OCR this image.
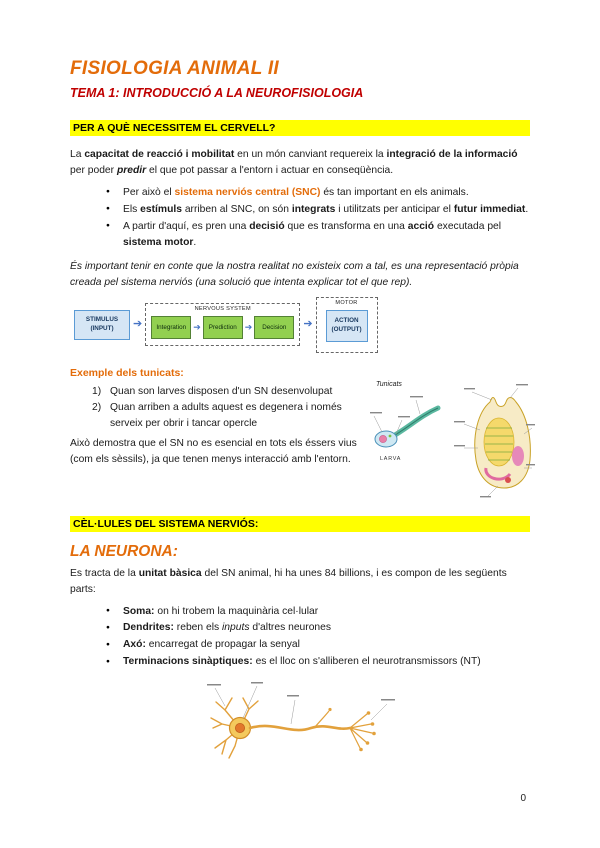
FISIOLOGIA ANIMAL II
TEMA 1: INTRODUCCIÓ A LA NEUROFISIOLOGIA
PER A QUÈ NECESSITEM EL CERVELL?

La capacitat de reacció i mobilitat en un món canviant requereix la integració de la informació per poder predir el que pot passar a l'entorn i actuar en conseqüència.

● Per això el sistema nerviós central (SNC) és tan important en els animals.
● Els estímuls arriben al SNC, on són integrats i utilitzats per anticipar el futur immediat.
● A partir d'aquí, es pren una decisió que es transforma en una acció executada pel sistema motor.

És important tenir en conte que la nostra realitat no existeix com a tal, es una representació pròpia creada pel sistema nerviós (una solució que intenta explicar tot el que rep).

STIMULUS
(INPUT)	➔
NERVOUS SYSTEM
Integration ➔	Prediction ➔	Decision	➔
MOTOR
ACTION
(OUTPUT)
Exemple dels tunicats:
1) Quan son larves disposen d'un SN desenvolupat
2) Quan arriben a adults aquest es degenera i només serveix per obrir i tancar opercle

Això demostra que el SN no es esencial en tots els éssers vius (com els sèssils), ja que tenen menys interacció amb l'entorn.

Tunicats
LARVA
CÈL·LULES DEL SISTEMA NERVIÓS:
LA NEURONA:

Es tracta de la unitat bàsica del SN animal, hi ha unes 84 billions, i es compon de les següents parts:

● Soma: on hi trobem la maquinària cel·lular
● Dendrites: reben els inputs d'altres neurones
● Axó: encarregat de propagar la senyal
● Terminacions sinàptiques: es el lloc on s'alliberen el neurotransmissors (NT)
0
